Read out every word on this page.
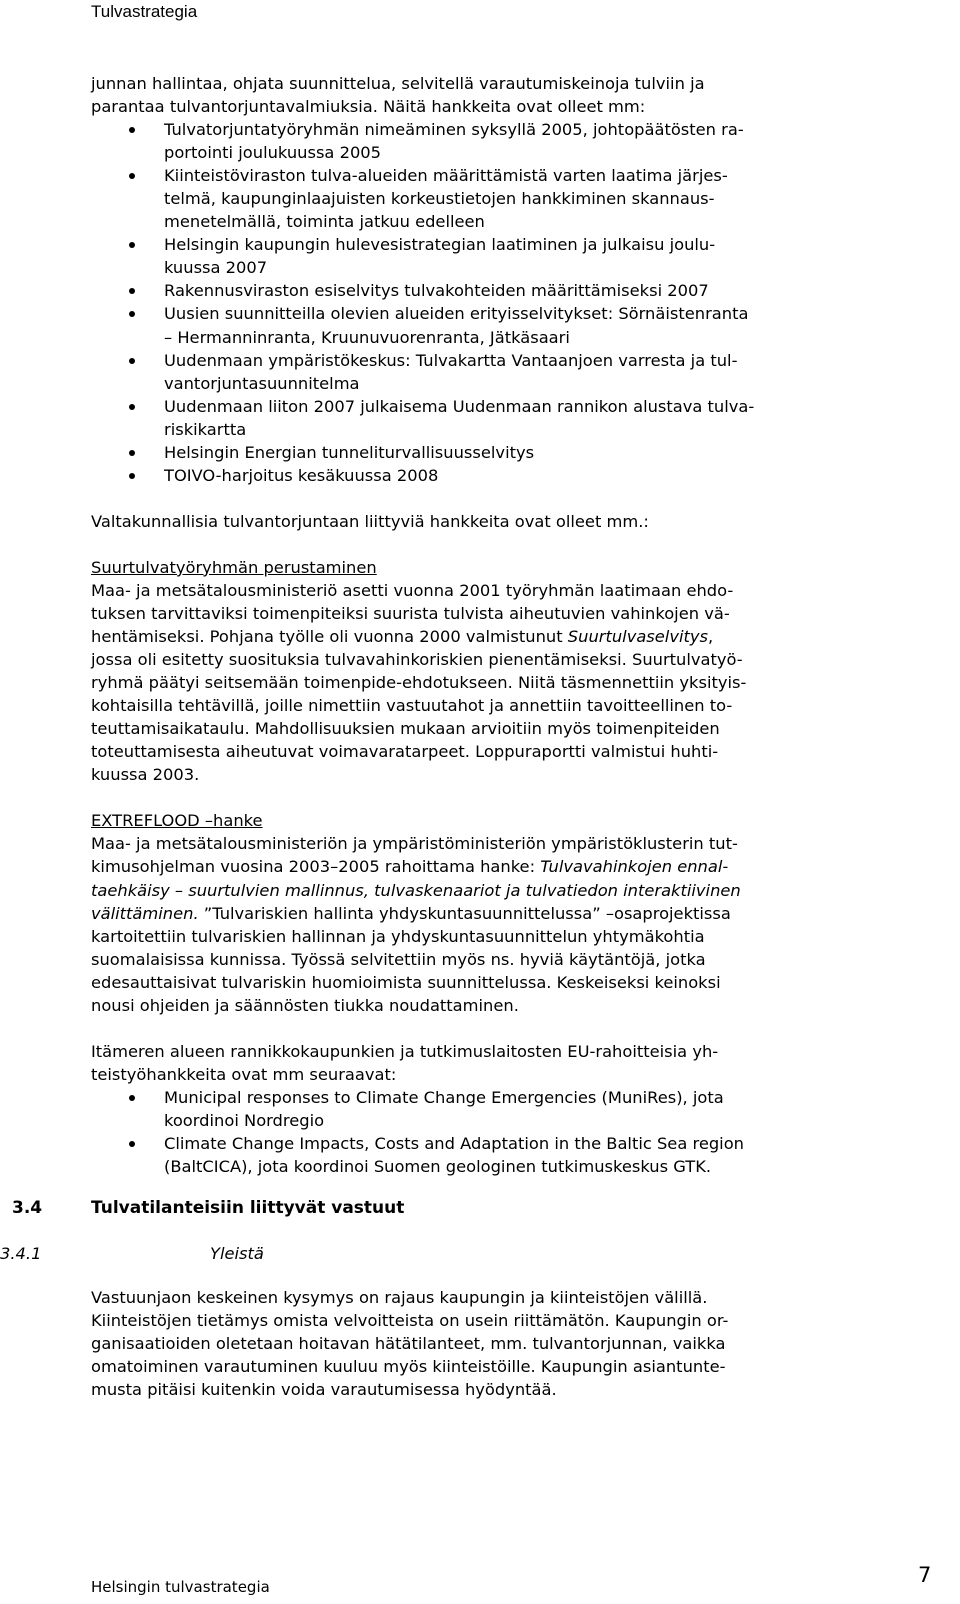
Tulvastrategia

junnan hallintaa, ohjata suunnittelua, selvitellä varautumiskeinoja tulviin ja

parantaa tulvantorjuntavalmiuksia. Näitä hankkeita ovat olleet mm:

Tulvatorjuntatyöryhmän nimeäminen syksyllä 2005, johtopäätösten ra-
portointi joulukuussa 2005
Kiinteistöviraston tulva-alueiden määrittämistä varten laatima järjes-
telmä, kaupunginlaajuisten korkeustietojen hankkiminen skannaus-
menetelmällä, toiminta jatkuu edelleen
Helsingin kaupungin hulevesistrategian laatiminen ja julkaisu joulu-
kuussa 2007
Rakennusviraston esiselvitys tulvakohteiden määrittämiseksi 2007
Uusien suunnitteilla olevien alueiden erityisselvitykset: Sörnäistenranta
– Hermanninranta, Kruunuvuorenranta, Jätkäsaari
Uudenmaan ympäristökeskus: Tulvakartta Vantaanjoen varresta ja tul-
vantorjuntasuunnitelma
Uudenmaan liiton 2007 julkaisema Uudenmaan rannikon alustava tulva-
riskikartta
Helsingin Energian tunneliturvallisuusselvitys
TOIVO-harjoitus kesäkuussa 2008

Valtakunnallisia tulvantorjuntaan liittyviä hankkeita ovat olleet mm.:

Suurtulvatyöryhmän perustaminen

Maa- ja metsätalousministeriö asetti vuonna 2001 työryhmän laatimaan ehdo-

tuksen tarvittaviksi toimenpiteiksi suurista tulvista aiheutuvien vahinkojen vä-

hentämiseksi. Pohjana työlle oli vuonna 2000 valmistunut Suurtulvaselvitys,

jossa oli esitetty suosituksia tulvavahinkoriskien pienentämiseksi. Suurtulvatyö-

ryhmä päätyi seitsemään toimenpide-ehdotukseen. Niitä täsmennettiin yksityis-

kohtaisilla tehtävillä, joille nimettiin vastuutahot ja annettiin tavoitteellinen to-

teuttamisaikataulu. Mahdollisuuksien mukaan arvioitiin myös toimenpiteiden

toteuttamisesta aiheutuvat voimavaratarpeet. Loppuraportti valmistui huhti-

kuussa 2003.

EXTREFLOOD –hanke

Maa- ja metsätalousministeriön ja ympäristöministeriön ympäristöklusterin tut-

kimusohjelman vuosina 2003–2005 rahoittama hanke: Tulvavahinkojen ennal-

taehkäisy – suurtulvien mallinnus, tulvaskenaariot ja tulvatiedon interaktiivinen

välittäminen. ”Tulvariskien hallinta yhdyskuntasuunnittelussa” –osaprojektissa

kartoitettiin tulvariskien hallinnan ja yhdyskuntasuunnittelun yhtymäkohtia

suomalaisissa kunnissa. Työssä selvitettiin myös ns. hyviä käytäntöjä, jotka

edesauttaisivat tulvariskin huomioimista suunnittelussa. Keskeiseksi keinoksi

nousi ohjeiden ja säännösten tiukka noudattaminen.

Itämeren alueen rannikkokaupunkien ja tutkimuslaitosten EU-rahoitteisia yh-

teistyöhankkeita ovat mm seuraavat:

Municipal responses to Climate Change Emergencies (MuniRes), jota
koordinoi Nordregio
Climate Change Impacts, Costs and Adaptation in the Baltic Sea region
(BaltCICA), jota koordinoi Suomen geologinen tutkimuskeskus GTK.
3.4	Tulvatilanteisiin liittyvät vastuut
3.4.1	Yleistä

Vastuunjaon keskeinen kysymys on rajaus kaupungin ja kiinteistöjen välillä.

Kiinteistöjen tietämys omista velvoitteista on usein riittämätön. Kaupungin or-

ganisaatioiden oletetaan hoitavan hätätilanteet, mm. tulvantorjunnan, vaikka

omatoiminen varautuminen kuuluu myös kiinteistöille. Kaupungin asiantunte-

musta pitäisi kuitenkin voida varautumisessa hyödyntää.

Helsingin tulvastrategia	7
